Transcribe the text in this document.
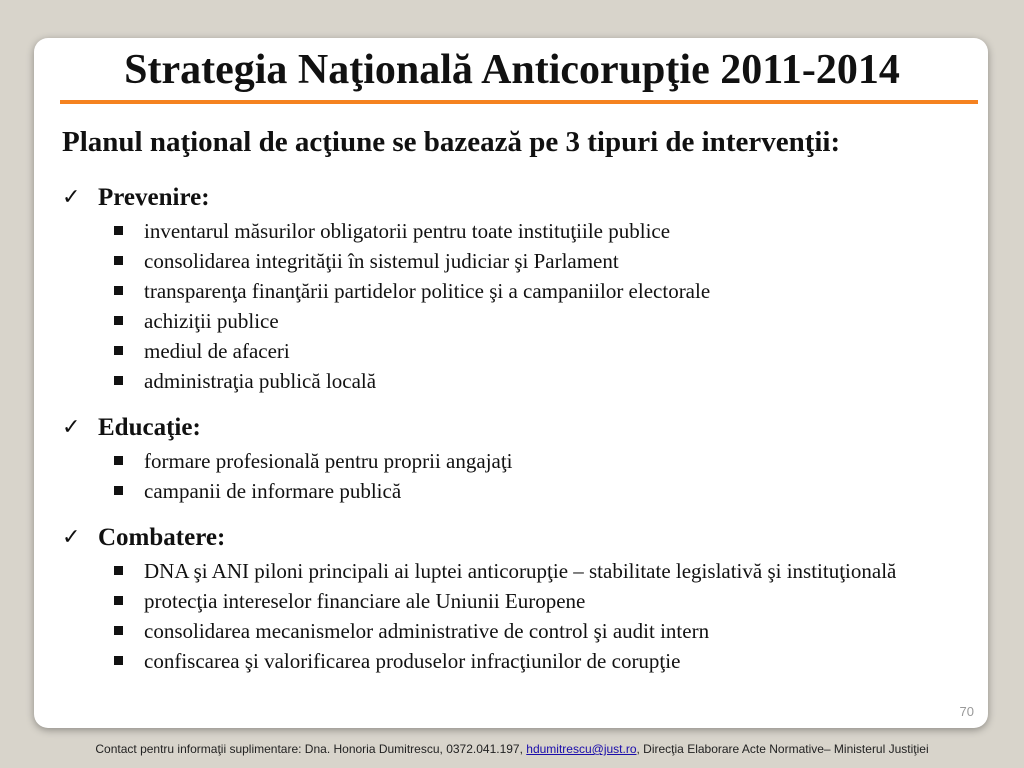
Strategia Naţională Anticorupţie 2011-2014

Planul naţional de acţiune se bazează pe 3 tipuri de intervenţii:

✓ Prevenire:
inventarul măsurilor obligatorii pentru toate instituţiile publice
consolidarea integrităţii în sistemul judiciar şi Parlament
transparenţa finanţării partidelor politice şi a campaniilor electorale
achiziţii publice
mediul de afaceri
administraţia publică locală
✓ Educaţie:
formare profesională pentru proprii angajaţi
campanii de informare publică
✓ Combatere:
DNA şi ANI piloni principali ai luptei anticorupţie – stabilitate legislativă şi instituţională
protecţia intereselor financiare ale Uniunii Europene
consolidarea mecanismelor administrative de control şi audit intern
confiscarea şi valorificarea produselor infracţiunilor de corupţie
70
Contact pentru informaţii suplimentare: Dna. Honoria Dumitrescu, 0372.041.197, hdumitrescu@just.ro, Direcţia Elaborare Acte Normative– Ministerul Justiţiei
